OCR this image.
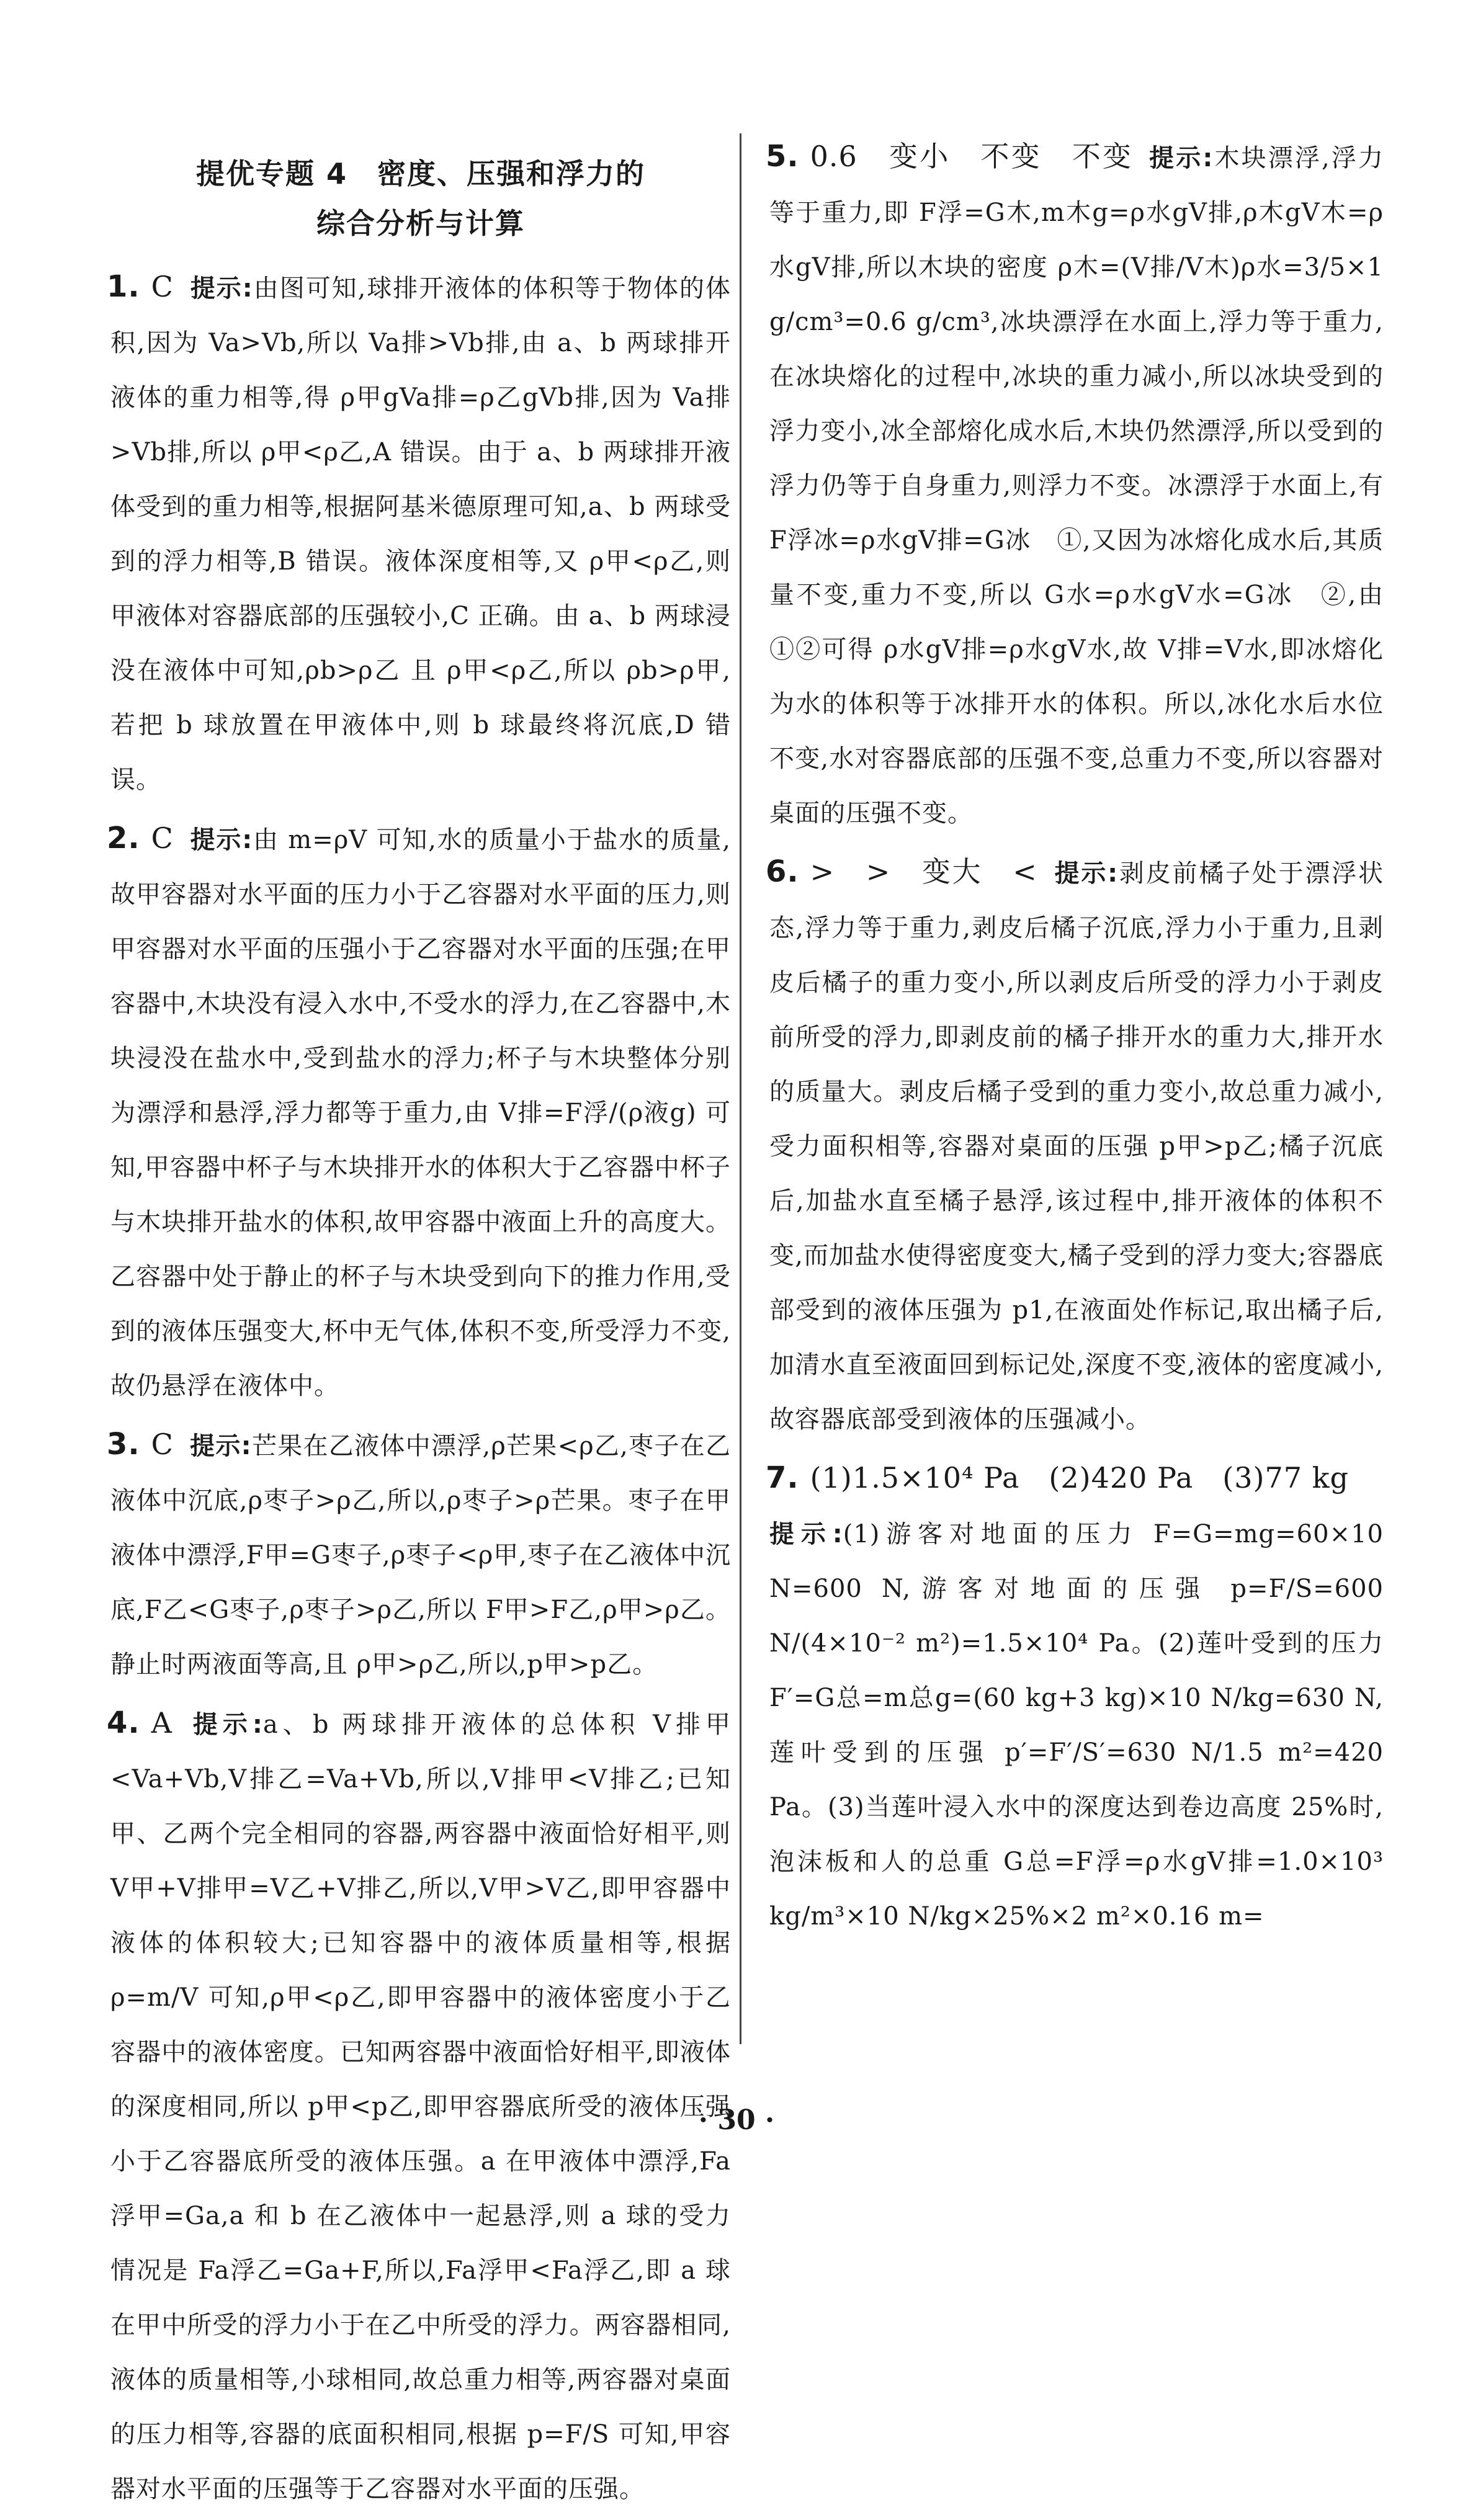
提优专题 4　密度、压强和浮力的
综合分析与计算

1. C 提示:由图可知,球排开液体的体积等于物体的体积,因为 Va>Vb,所以 Va排>Vb排,由 a、b 两球排开液体的重力相等,得 ρ甲gVa排=ρ乙gVb排,因为 Va排>Vb排,所以 ρ甲<ρ乙,A 错误。由于 a、b 两球排开液体受到的重力相等,根据阿基米德原理可知,a、b 两球受到的浮力相等,B 错误。液体深度相等,又 ρ甲<ρ乙,则甲液体对容器底部的压强较小,C 正确。由 a、b 两球浸没在液体中可知,ρb>ρ乙 且 ρ甲<ρ乙,所以 ρb>ρ甲,若把 b 球放置在甲液体中,则 b 球最终将沉底,D 错误。

2. C 提示:由 m=ρV 可知,水的质量小于盐水的质量,故甲容器对水平面的压力小于乙容器对水平面的压力,则甲容器对水平面的压强小于乙容器对水平面的压强;在甲容器中,木块没有浸入水中,不受水的浮力,在乙容器中,木块浸没在盐水中,受到盐水的浮力;杯子与木块整体分别为漂浮和悬浮,浮力都等于重力,由 V排=F浮/(ρ液g) 可知,甲容器中杯子与木块排开水的体积大于乙容器中杯子与木块排开盐水的体积,故甲容器中液面上升的高度大。乙容器中处于静止的杯子与木块受到向下的推力作用,受到的液体压强变大,杯中无气体,体积不变,所受浮力不变,故仍悬浮在液体中。

3. C 提示:芒果在乙液体中漂浮,ρ芒果<ρ乙,枣子在乙液体中沉底,ρ枣子>ρ乙,所以,ρ枣子>ρ芒果。枣子在甲液体中漂浮,F甲=G枣子,ρ枣子<ρ甲,枣子在乙液体中沉底,F乙<G枣子,ρ枣子>ρ乙,所以 F甲>F乙,ρ甲>ρ乙。静止时两液面等高,且 ρ甲>ρ乙,所以,p甲>p乙。

4. A 提示:a、b 两球排开液体的总体积 V排甲<Va+Vb,V排乙=Va+Vb,所以,V排甲<V排乙;已知甲、乙两个完全相同的容器,两容器中液面恰好相平,则 V甲+V排甲=V乙+V排乙,所以,V甲>V乙,即甲容器中液体的体积较大;已知容器中的液体质量相等,根据 ρ=m/V 可知,ρ甲<ρ乙,即甲容器中的液体密度小于乙容器中的液体密度。已知两容器中液面恰好相平,即液体的深度相同,所以 p甲<p乙,即甲容器底所受的液体压强小于乙容器底所受的液体压强。a 在甲液体中漂浮,Fa浮甲=Ga,a 和 b 在乙液体中一起悬浮,则 a 球的受力情况是 Fa浮乙=Ga+F,所以,Fa浮甲<Fa浮乙,即 a 球在甲中所受的浮力小于在乙中所受的浮力。两容器相同,液体的质量相等,小球相同,故总重力相等,两容器对桌面的压力相等,容器的底面积相同,根据 p=F/S 可知,甲容器对水平面的压强等于乙容器对水平面的压强。

5. 0.6　变小　不变　不变 提示:木块漂浮,浮力等于重力,即 F浮=G木,m木g=ρ水gV排,ρ木gV木=ρ水gV排,所以木块的密度 ρ木=(V排/V木)ρ水=3/5×1 g/cm³=0.6 g/cm³,冰块漂浮在水面上,浮力等于重力,在冰块熔化的过程中,冰块的重力减小,所以冰块受到的浮力变小,冰全部熔化成水后,木块仍然漂浮,所以受到的浮力仍等于自身重力,则浮力不变。冰漂浮于水面上,有 F浮冰=ρ水gV排=G冰　①,又因为冰熔化成水后,其质量不变,重力不变,所以 G水=ρ水gV水=G冰　②,由①②可得 ρ水gV排=ρ水gV水,故 V排=V水,即冰熔化为水的体积等于冰排开水的体积。所以,冰化水后水位不变,水对容器底部的压强不变,总重力不变,所以容器对桌面的压强不变。

6. >　>　变大　< 提示:剥皮前橘子处于漂浮状态,浮力等于重力,剥皮后橘子沉底,浮力小于重力,且剥皮后橘子的重力变小,所以剥皮后所受的浮力小于剥皮前所受的浮力,即剥皮前的橘子排开水的重力大,排开水的质量大。剥皮后橘子受到的重力变小,故总重力减小,受力面积相等,容器对桌面的压强 p甲>p乙;橘子沉底后,加盐水直至橘子悬浮,该过程中,排开液体的体积不变,而加盐水使得密度变大,橘子受到的浮力变大;容器底部受到的液体压强为 p1,在液面处作标记,取出橘子后,加清水直至液面回到标记处,深度不变,液体的密度减小,故容器底部受到液体的压强减小。

7. (1)1.5×10⁴ Pa　(2)420 Pa　(3)77 kg

提示:(1)游客对地面的压力 F=G=mg=60×10 N=600 N,游客对地面的压强 p=F/S=600 N/(4×10⁻² m²)=1.5×10⁴ Pa。(2)莲叶受到的压力 F′=G总=m总g=(60 kg+3 kg)×10 N/kg=630 N,莲叶受到的压强 p′=F′/S′=630 N/1.5 m²=420 Pa。(3)当莲叶浸入水中的深度达到卷边高度 25%时,泡沫板和人的总重 G总=F浮=ρ水gV排=1.0×10³ kg/m³×10 N/kg×25%×2 m²×0.16 m=

· 30 ·
